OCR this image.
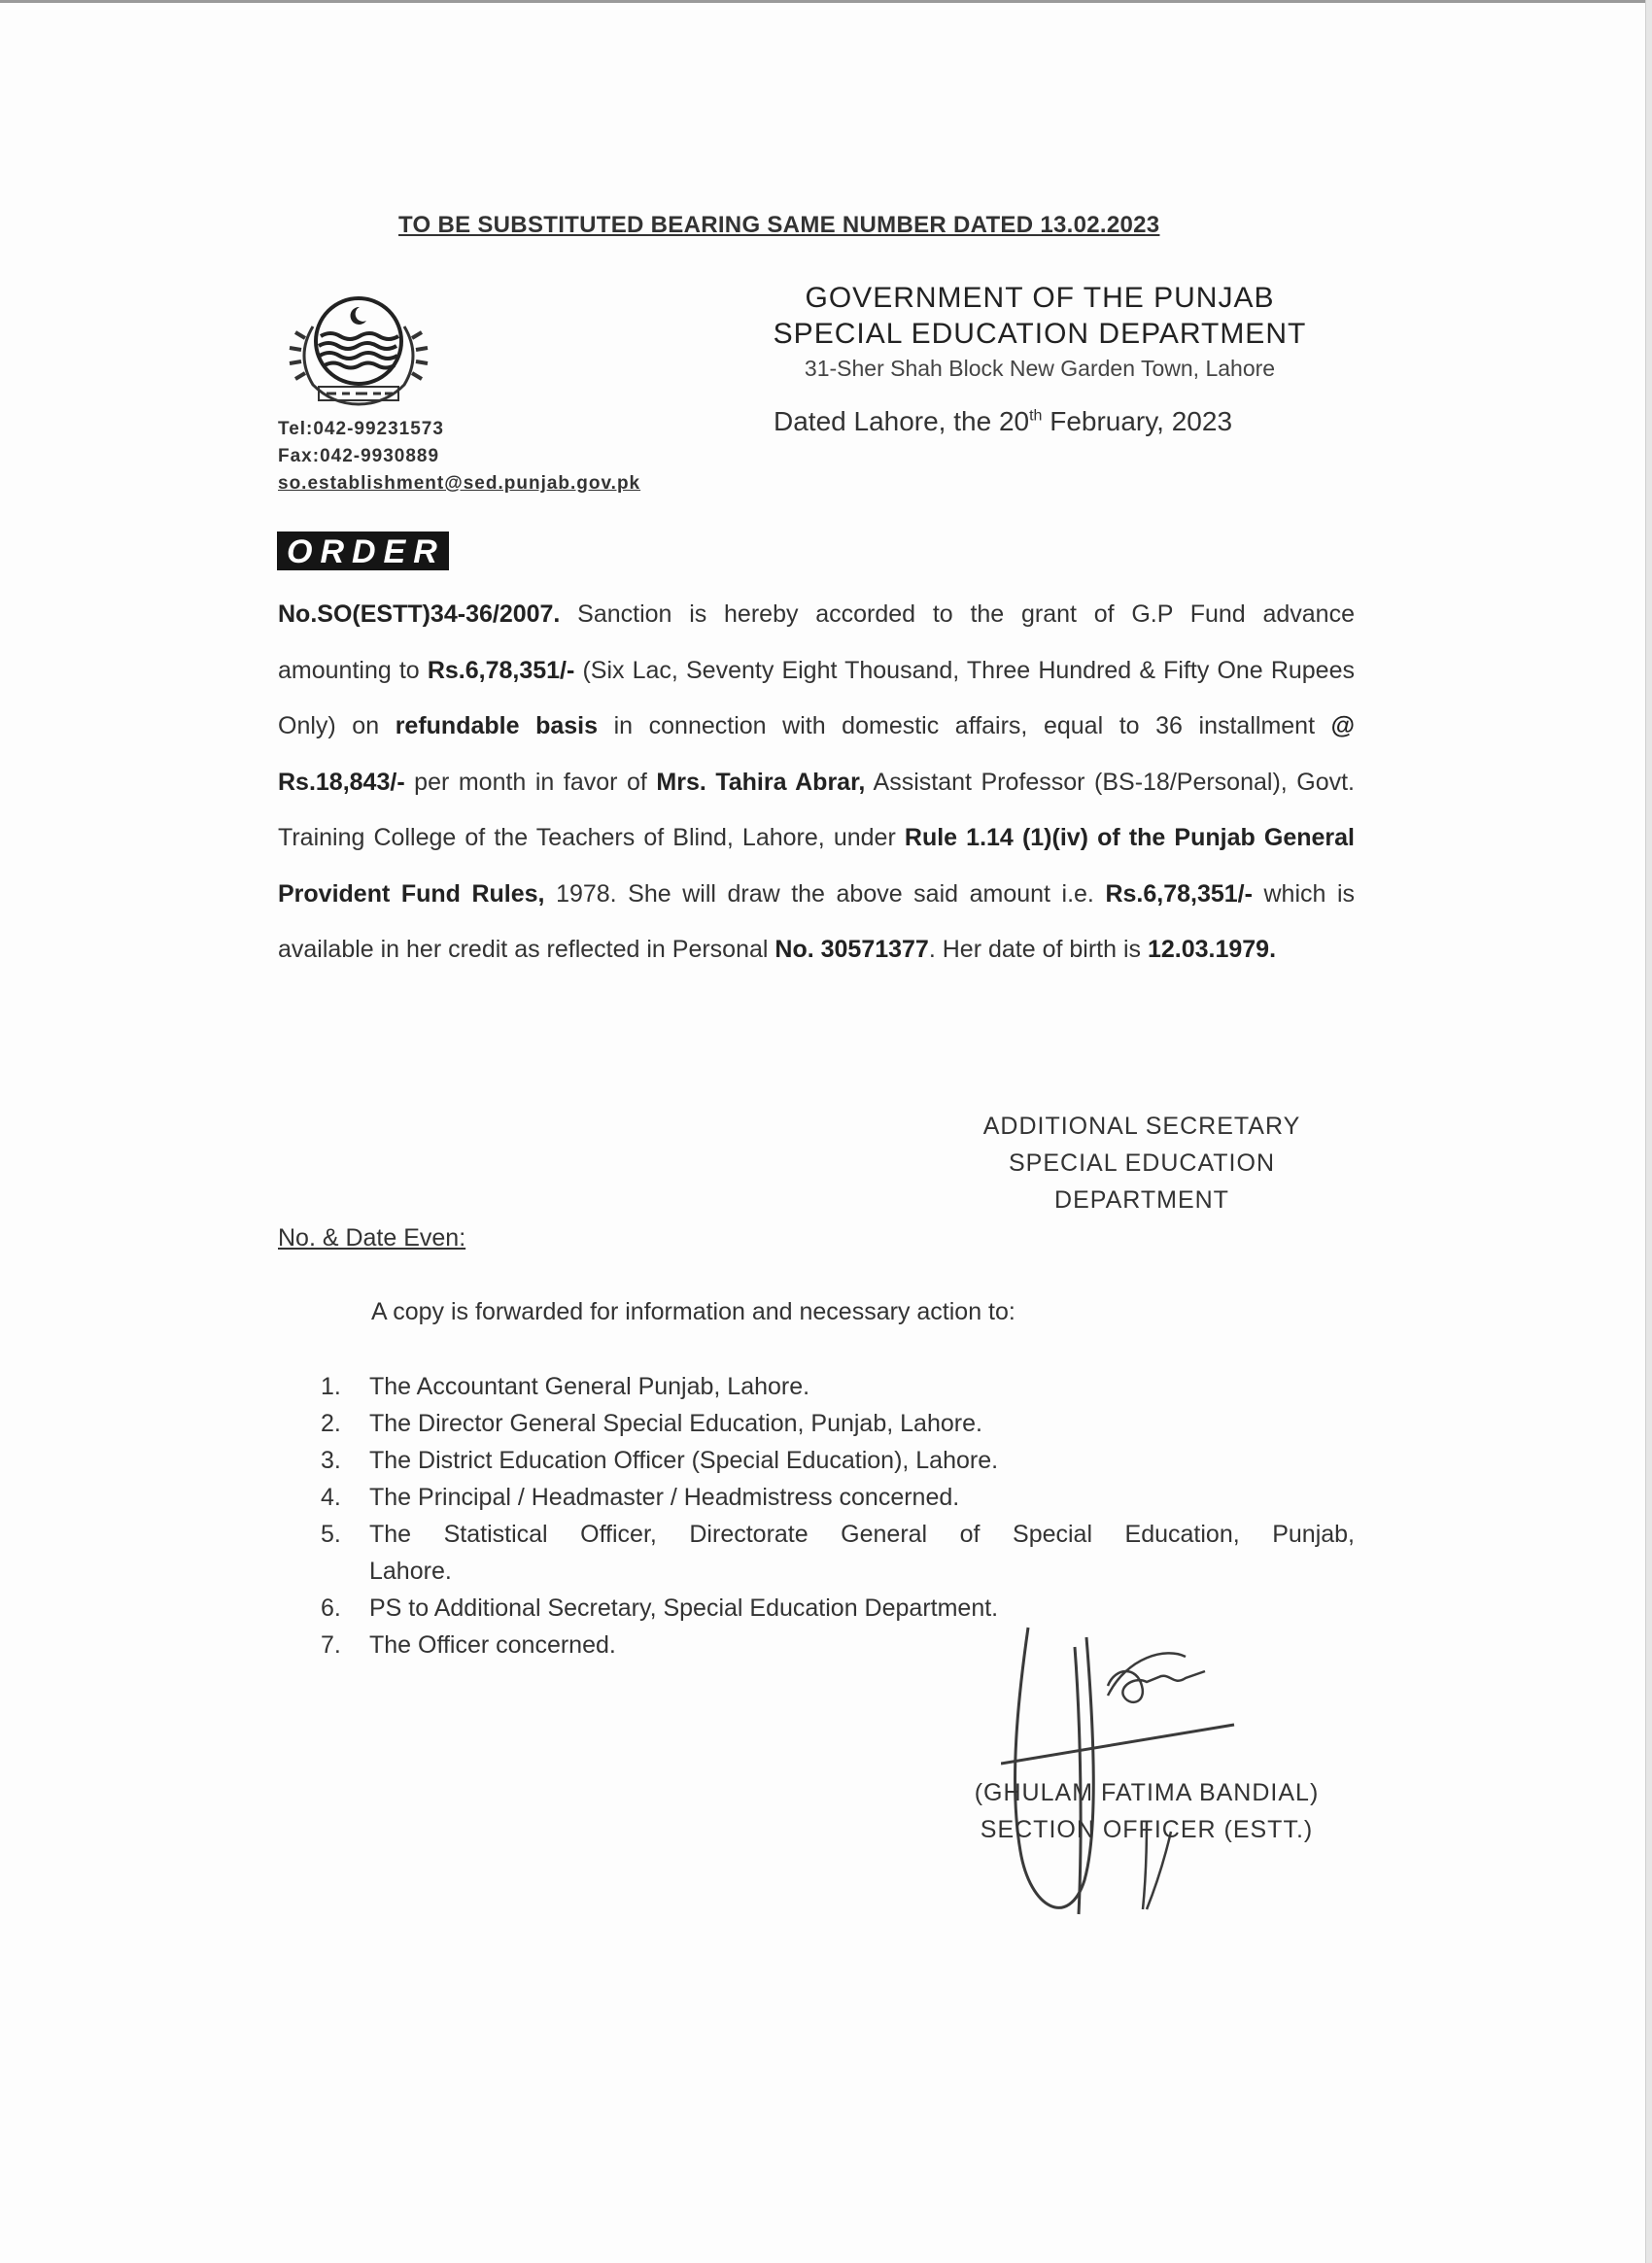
TO BE SUBSTITUTED BEARING SAME NUMBER DATED 13.02.2023
Tel:042-99231573
Fax:042-9930889
so.establishment@sed.punjab.gov.pk
GOVERNMENT OF THE PUNJAB
SPECIAL EDUCATION DEPARTMENT
31-Sher Shah Block New Garden Town, Lahore
Dated Lahore, the 20th February, 2023
ORDER
No.SO(ESTT)34-36/2007. Sanction is hereby accorded to the grant of G.P Fund advance amounting to Rs.6,78,351/- (Six Lac, Seventy Eight Thousand, Three Hundred & Fifty One Rupees Only) on refundable basis in connection with domestic affairs, equal to 36 installment @ Rs.18,843/- per month in favor of Mrs. Tahira Abrar, Assistant Professor (BS-18/Personal), Govt. Training College of the Teachers of Blind, Lahore, under Rule 1.14 (1)(iv) of the Punjab General Provident Fund Rules, 1978. She will draw the above said amount i.e. Rs.6,78,351/- which is available in her credit as reflected in Personal No. 30571377. Her date of birth is 12.03.1979.
ADDITIONAL SECRETARY
SPECIAL EDUCATION
DEPARTMENT
No. & Date Even:
A copy is forwarded for information and necessary action to:
1.	The Accountant General Punjab, Lahore.
2.	The Director General Special Education, Punjab, Lahore.
3.	The District Education Officer (Special Education), Lahore.
4.	The Principal / Headmaster / Headmistress concerned.
5.	The Statistical Officer, Directorate General of Special Education, Punjab,
Lahore.
6.	PS to Additional Secretary, Special Education Department.
7.	The Officer concerned.
(GHULAM FATIMA BANDIAL)
SECTION OFFICER (ESTT.)
